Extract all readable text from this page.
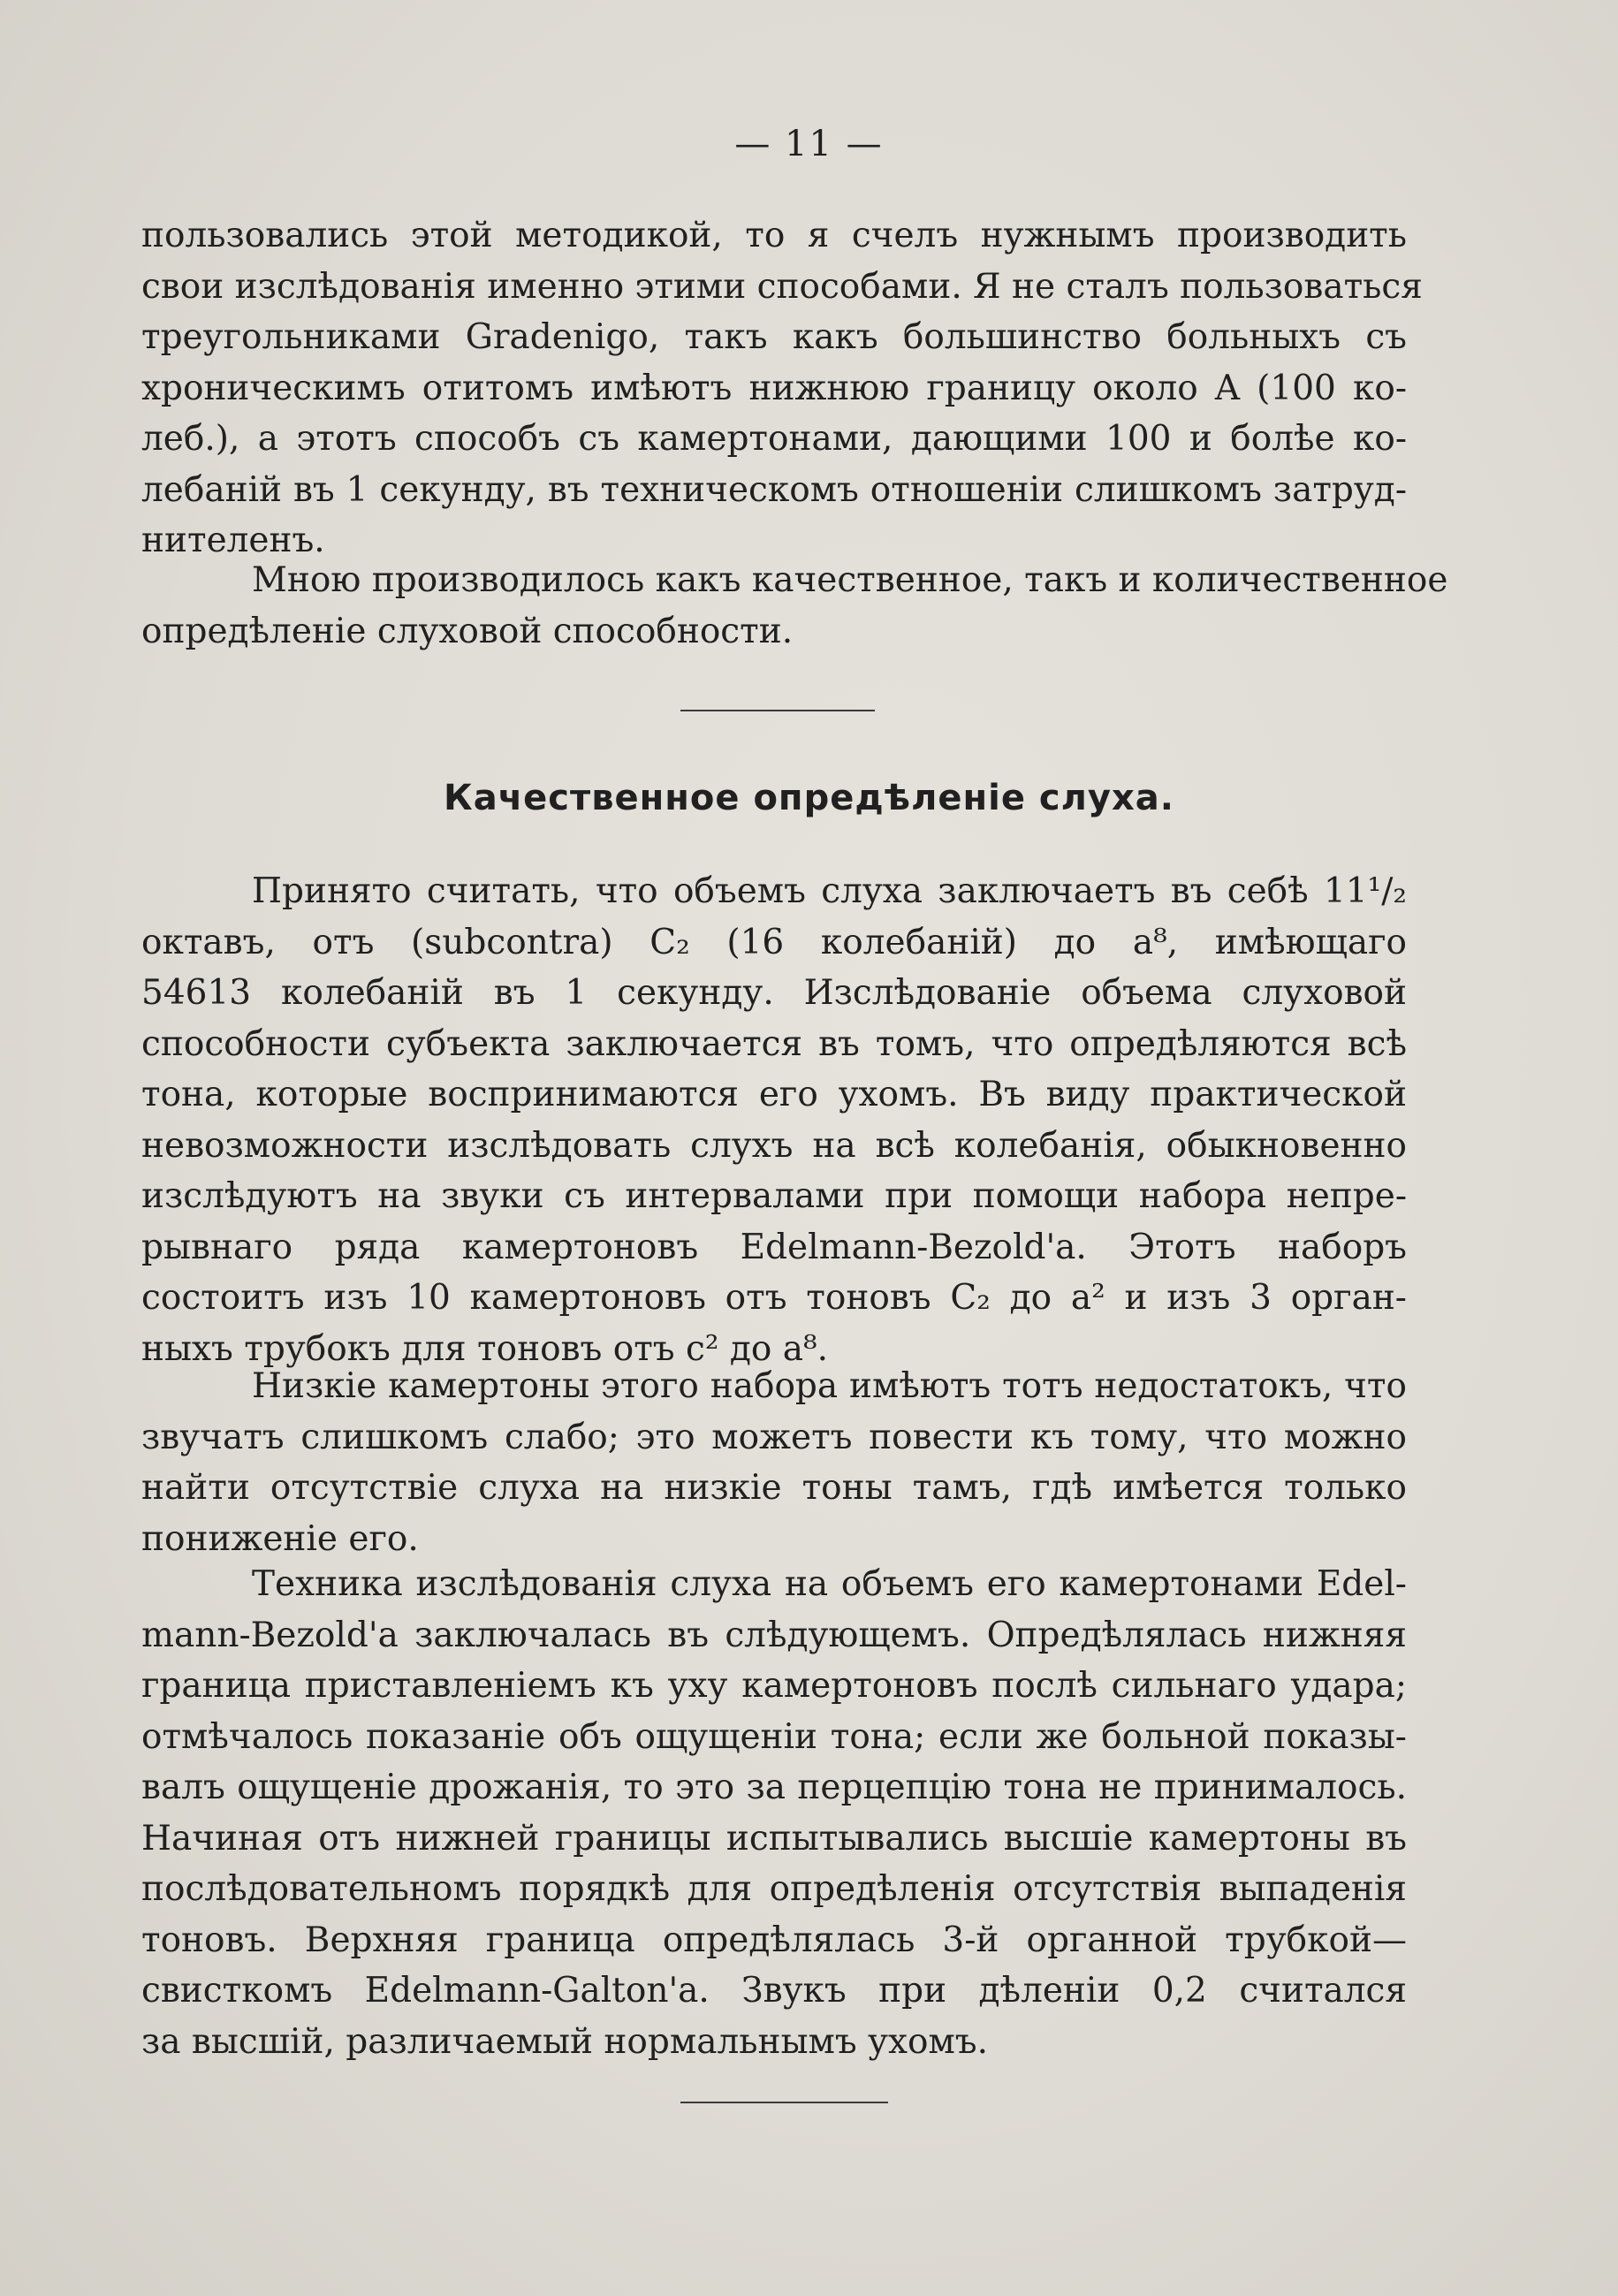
— 11 —
пользовались этой методикой, то я счелъ нужнымъ производить
свои изслѣдованія именно этими способами. Я не сталъ пользоваться
треугольниками Gradenigo, такъ какъ большинство больныхъ съ
хроническимъ отитомъ имѣютъ нижнюю границу около A (100 ко-
леб.), а этотъ способъ съ камертонами, дающими 100 и болѣе ко-
лебаній въ 1 секунду, въ техническомъ отношеніи слишкомъ затруд-
нителенъ.
Мною производилось какъ качественное, такъ и количественное
опредѣленіе слуховой способности.
Качественное опредѣленіе слуха.
Принято считать, что объемъ слуха заключаетъ въ себѣ 11¹/₂
октавъ, отъ (subcontra) C₂ (16 колебаній) до a⁸, имѣющаго
54613 колебаній въ 1 секунду. Изслѣдованіе объема слуховой
способности субъекта заключается въ томъ, что опредѣляются всѣ
тона, которые воспринимаются его ухомъ. Въ виду практической
невозможности изслѣдовать слухъ на всѣ колебанія, обыкновенно
изслѣдуютъ на звуки съ интервалами при помощи набора непре-
рывнаго ряда камертоновъ Edelmann-Bezold'a. Этотъ наборъ
состоитъ изъ 10 камертоновъ отъ тоновъ C₂ до a² и изъ 3 орган-
ныхъ трубокъ для тоновъ отъ c² до a⁸.
Низкіе камертоны этого набора имѣютъ тотъ недостатокъ, что
звучатъ слишкомъ слабо; это можетъ повести къ тому, что можно
найти отсутствіе слуха на низкіе тоны тамъ, гдѣ имѣется только
пониженіе его.
Техника изслѣдованія слуха на объемъ его камертонами Edel-
mann-Bezold'a заключалась въ слѣдующемъ. Опредѣлялась нижняя
граница приставленіемъ къ уху камертоновъ послѣ сильнаго удара;
отмѣчалось показаніе объ ощущеніи тона; если же больной показы-
валъ ощущеніе дрожанія, то это за перцепцію тона не принималось.
Начиная отъ нижней границы испытывались высшіе камертоны въ
послѣдовательномъ порядкѣ для опредѣленія отсутствія выпаденія
тоновъ. Верхняя граница опредѣлялась 3-й органной трубкой—
свисткомъ Edelmann-Galton'a. Звукъ при дѣленіи 0,2 считался
за высшій, различаемый нормальнымъ ухомъ.
